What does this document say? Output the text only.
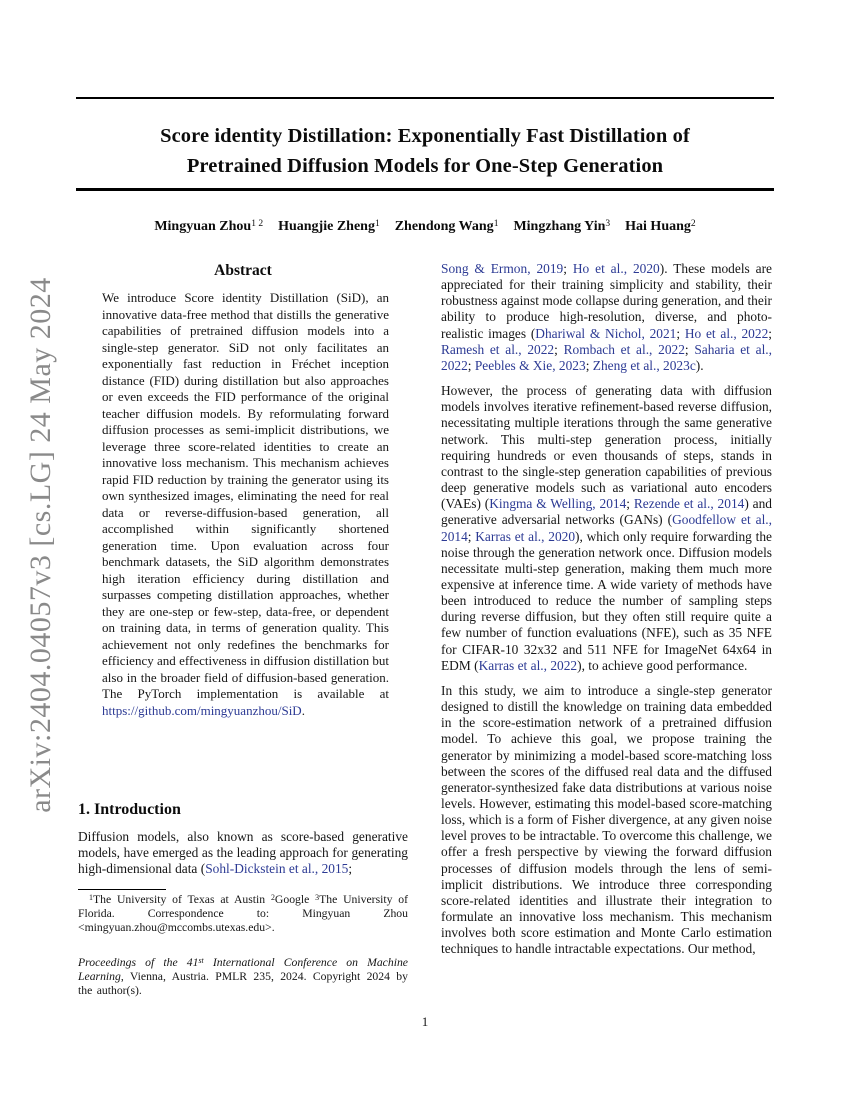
arXiv:2404.04057v3 [cs.LG] 24 May 2024
Score identity Distillation: Exponentially Fast Distillation of
Pretrained Diffusion Models for One-Step Generation
Mingyuan Zhou$^{1 2}$ Huangjie Zheng$^1$ Zhendong Wang$^1$ Mingzhang Yin$^3$ Hai Huang$^2$
Abstract
We introduce Score identity Distillation (SiD), an innovative data-free method that distills the generative capabilities of pretrained diffusion models into a single-step generator. SiD not only facilitates an exponentially fast reduction in Fréchet inception distance (FID) during distillation but also approaches or even exceeds the FID performance of the original teacher diffusion models. By reformulating forward diffusion processes as semi-implicit distributions, we leverage three score-related identities to create an innovative loss mechanism. This mechanism achieves rapid FID reduction by training the generator using its own synthesized images, eliminating the need for real data or reverse-diffusion-based generation, all accomplished within significantly shortened generation time. Upon evaluation across four benchmark datasets, the SiD algorithm demonstrates high iteration efficiency during distillation and surpasses competing distillation approaches, whether they are one-step or few-step, data-free, or dependent on training data, in terms of generation quality. This achievement not only redefines the benchmarks for efficiency and effectiveness in diffusion distillation but also in the broader field of diffusion-based generation. The PyTorch implementation is available at https://github.com/mingyuanzhou/SiD.
1. Introduction
Diffusion models, also known as score-based generative models, have emerged as the leading approach for generating high-dimensional data (Sohl-Dickstein et al., 2015;
$^1$The University of Texas at Austin $^2$Google $^3$The University of Florida. Correspondence to: Mingyuan Zhou <mingyuan.zhou@mccombs.utexas.edu>.
Proceedings of the 41st International Conference on Machine Learning, Vienna, Austria. PMLR 235, 2024. Copyright 2024 by the author(s).
Song & Ermon, 2019; Ho et al., 2020). These models are appreciated for their training simplicity and stability, their robustness against mode collapse during generation, and their ability to produce high-resolution, diverse, and photo-realistic images (Dhariwal & Nichol, 2021; Ho et al., 2022; Ramesh et al., 2022; Rombach et al., 2022; Saharia et al., 2022; Peebles & Xie, 2023; Zheng et al., 2023c).
However, the process of generating data with diffusion models involves iterative refinement-based reverse diffusion, necessitating multiple iterations through the same generative network. This multi-step generation process, initially requiring hundreds or even thousands of steps, stands in contrast to the single-step generation capabilities of previous deep generative models such as variational auto encoders (VAEs) (Kingma & Welling, 2014; Rezende et al., 2014) and generative adversarial networks (GANs) (Goodfellow et al., 2014; Karras et al., 2020), which only require forwarding the noise through the generation network once. Diffusion models necessitate multi-step generation, making them much more expensive at inference time. A wide variety of methods have been introduced to reduce the number of sampling steps during reverse diffusion, but they often still require quite a few number of function evaluations (NFE), such as 35 NFE for CIFAR-10 32x32 and 511 NFE for ImageNet 64x64 in EDM (Karras et al., 2022), to achieve good performance.
In this study, we aim to introduce a single-step generator designed to distill the knowledge on training data embedded in the score-estimation network of a pretrained diffusion model. To achieve this goal, we propose training the generator by minimizing a model-based score-matching loss between the scores of the diffused real data and the diffused generator-synthesized fake data distributions at various noise levels. However, estimating this model-based score-matching loss, which is a form of Fisher divergence, at any given noise level proves to be intractable. To overcome this challenge, we offer a fresh perspective by viewing the forward diffusion processes of diffusion models through the lens of semi-implicit distributions. We introduce three corresponding score-related identities and illustrate their integration to formulate an innovative loss mechanism. This mechanism involves both score estimation and Monte Carlo estimation techniques to handle intractable expectations. Our method,
1
